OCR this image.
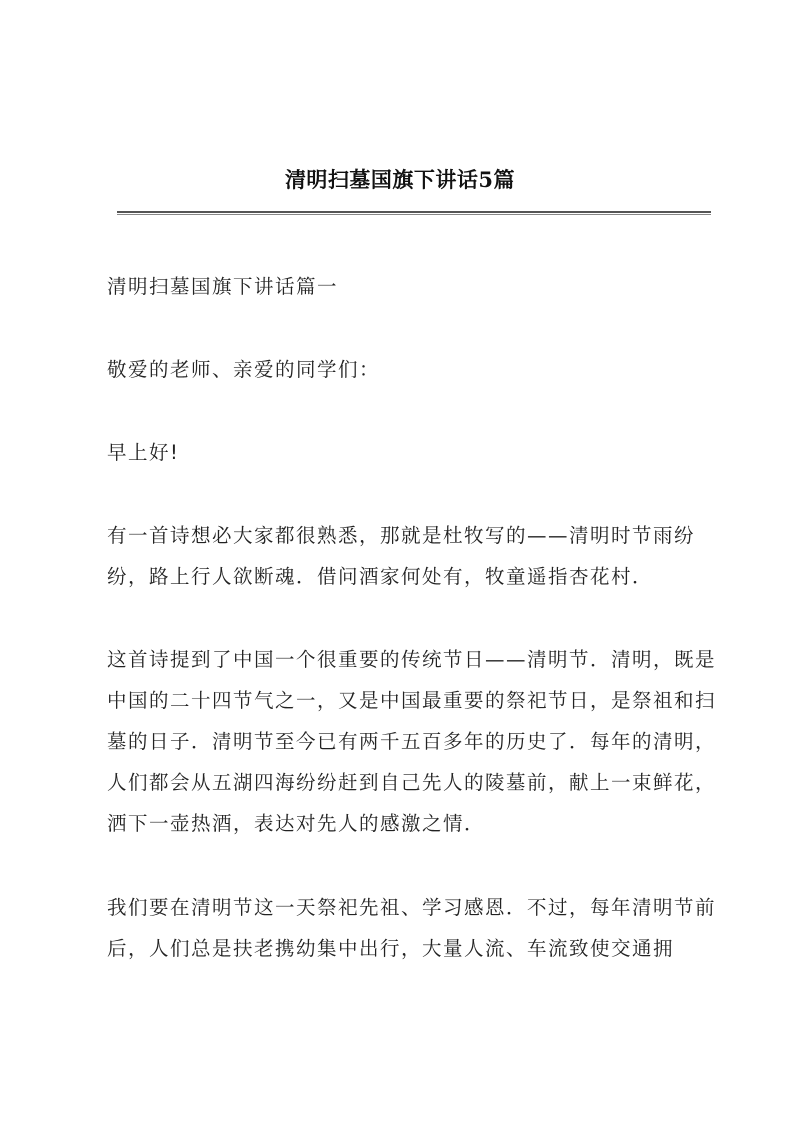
清明扫墓国旗下讲话5篇

清明扫墓国旗下讲话篇一

敬爱的老师、亲爱的同学们：

早上好!

有一首诗想必大家都很熟悉，那就是杜牧写的——清明时节雨纷纷，路上行人欲断魂．借问酒家何处有，牧童遥指杏花村．

这首诗提到了中国一个很重要的传统节日——清明节．清明，既是中国的二十四节气之一，又是中国最重要的祭祀节日，是祭祖和扫墓的日子．清明节至今已有两千五百多年的历史了．每年的清明，人们都会从五湖四海纷纷赶到自己先人的陵墓前，献上一束鲜花，洒下一壶热酒，表达对先人的感激之情．

我们要在清明节这一天祭祀先祖、学习感恩．不过，每年清明节前后，人们总是扶老携幼集中出行，大量人流、车流致使交通拥
